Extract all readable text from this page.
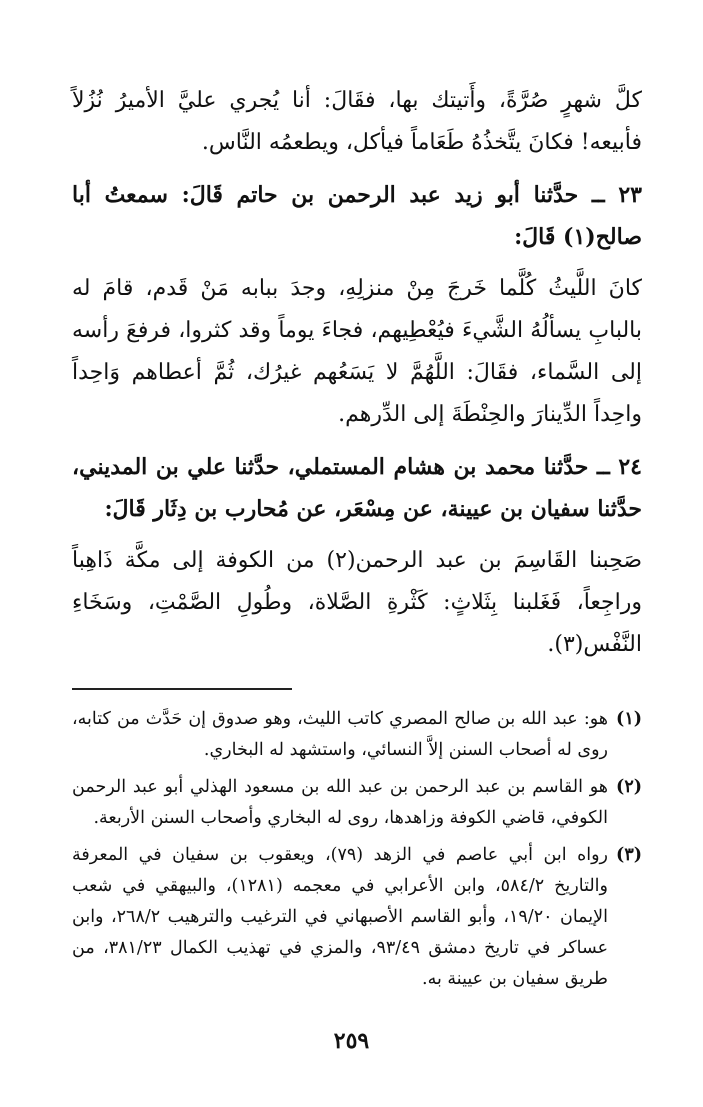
كلَّ شهرٍ صُرَّةً، وأَتيتك بها، فقَالَ: أنا يُجري عليَّ الأميرُ نُزُلاً فأبيعه! فكانَ يتَّخذُهُ طَعَاماً فيأكل، ويطعمُه النَّاس.

٢٣ ــ حدَّثنا أبو زيد عبد الرحمن بن حاتم قَالَ: سمعتُ أبا صالح(١) قَالَ:

كانَ اللَّيثُ كُلَّما خَرجَ مِنْ منزلِهِ، وجدَ ببابه مَنْ قَدم، قامَ له بالبابِ يسألُهُ الشَّيءَ فيُعْطِيهم، فجاءَ يوماً وقد كثروا، فرفعَ رأسه إلى السَّماء، فقَالَ: اللَّهُمَّ لا يَسَعُهم غيرُك، ثُمَّ أعطاهم وَاحِداً واحِداً الدِّينارَ والحِنْطَةَ إلى الدِّرهم.

٢٤ ــ حدَّثنا محمد بن هشام المستملي، حدَّثنا علي بن المديني، حدَّثنا سفيان بن عيينة، عن مِسْعَر، عن مُحارب بن دِثَار قَالَ:

صَحِبنا القَاسِمَ بن عبد الرحمن(٢) من الكوفة إلى مكَّة ذَاهِباً وراجِعاً، فَغَلبنا بِثَلاثٍ: كَثْرةِ الصَّلاة، وطُولِ الصَّمْتِ، وسَخَاءِ النَّفْس(٣).

(١)
هو: عبد الله بن صالح المصري كاتب الليث، وهو صدوق إن حَدَّث من كتابه، روى له أصحاب السنن إلاَّ النسائي، واستشهد له البخاري.
(٢)
هو القاسم بن عبد الرحمن بن عبد الله بن مسعود الهذلي أبو عبد الرحمن الكوفي، قاضي الكوفة وزاهدها، روى له البخاري وأصحاب السنن الأربعة.
(٣)
رواه ابن أبي عاصم في الزهد (٧٩)، ويعقوب بن سفيان في المعرفة والتاريخ ٥٨٤/٢، وابن الأعرابي في معجمه (١٢٨١)، والبيهقي في شعب الإيمان ١٩/٢٠، وأبو القاسم الأصبهاني في الترغيب والترهيب ٢٦٨/٢، وابن عساكر في تاريخ دمشق ٩٣/٤٩، والمزي في تهذيب الكمال ٣٨١/٢٣، من طريق سفيان بن عيينة به.
٢٥٩
